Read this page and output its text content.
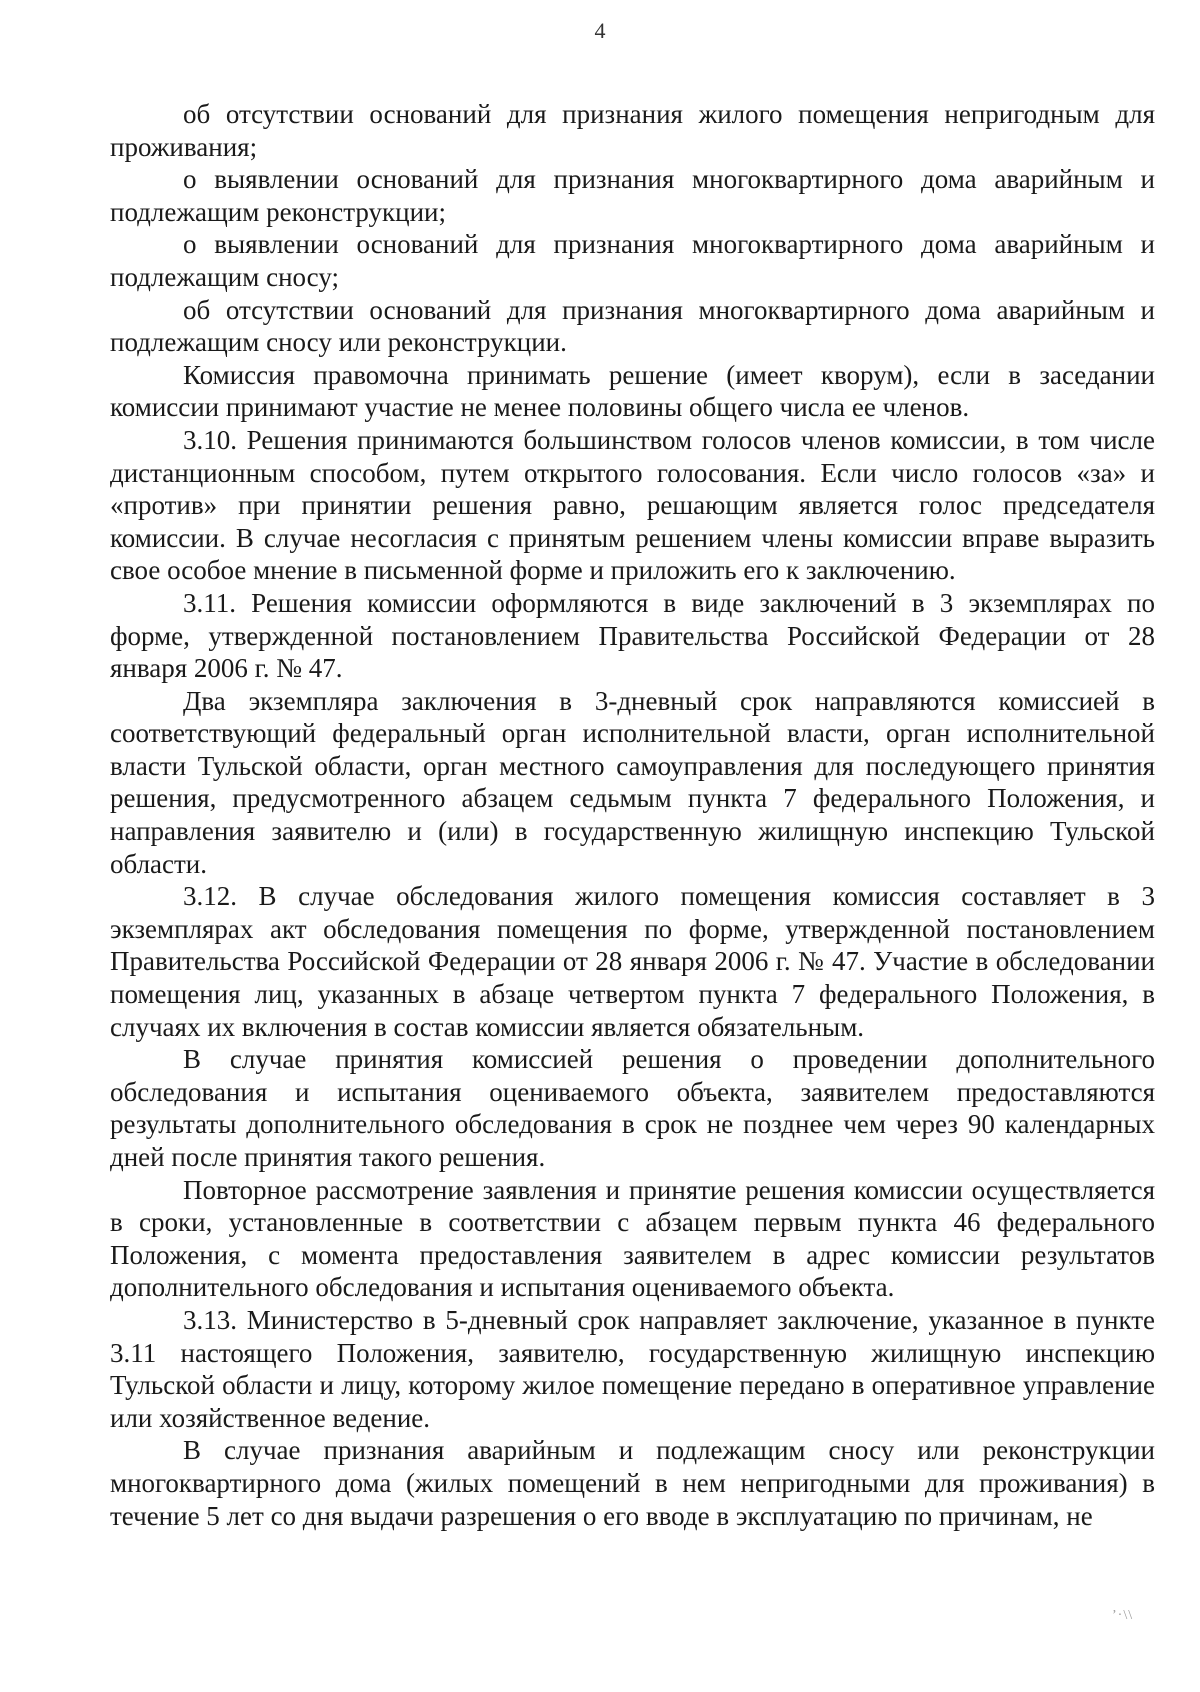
4

об отсутствии оснований для признания жилого помещения непригодным для проживания;

о выявлении оснований для признания многоквартирного дома аварийным и подлежащим реконструкции;

о выявлении оснований для признания многоквартирного дома аварийным и подлежащим сносу;

об отсутствии оснований для признания многоквартирного дома аварийным и подлежащим сносу или реконструкции.

Комиссия правомочна принимать решение (имеет кворум), если в заседании комиссии принимают участие не менее половины общего числа ее членов.

3.10. Решения принимаются большинством голосов членов комиссии, в том числе дистанционным способом, путем открытого голосования. Если число голосов «за» и «против» при принятии решения равно, решающим является голос председателя комиссии. В случае несогласия с принятым решением члены комиссии вправе выразить свое особое мнение в письменной форме и приложить его к заключению.

3.11. Решения комиссии оформляются в виде заключений в 3 экземплярах по форме, утвержденной постановлением Правительства Российской Федерации от 28 января 2006 г. № 47.

Два экземпляра заключения в 3-дневный срок направляются комиссией в соответствующий федеральный орган исполнительной власти, орган исполнительной власти Тульской области, орган местного самоуправления для последующего принятия решения, предусмотренного абзацем седьмым пункта 7 федерального Положения, и направления заявителю и (или) в государственную жилищную инспекцию Тульской области.

3.12. В случае обследования жилого помещения комиссия составляет в 3 экземплярах акт обследования помещения по форме, утвержденной постановлением Правительства Российской Федерации от 28 января 2006 г. № 47. Участие в обследовании помещения лиц, указанных в абзаце четвертом пункта 7 федерального Положения, в случаях их включения в состав комиссии является обязательным.

В случае принятия комиссией решения о проведении дополнительного обследования и испытания оцениваемого объекта, заявителем предоставляются результаты дополнительного обследования в срок не позднее чем через 90 календарных дней после принятия такого решения.

Повторное рассмотрение заявления и принятие решения комиссии осуществляется в сроки, установленные в соответствии с абзацем первым пункта 46 федерального Положения, с момента предоставления заявителем в адрес комиссии результатов дополнительного обследования и испытания оцениваемого объекта.

3.13. Министерство в 5-дневный срок направляет заключение, указанное в пункте 3.11 настоящего Положения, заявителю, государственную жилищную инспекцию Тульской области и лицу, которому жилое помещение передано в оперативное управление или хозяйственное ведение.

В случае признания аварийным и подлежащим сносу или реконструкции многоквартирного дома (жилых помещений в нем непригодными для проживания) в течение 5 лет со дня выдачи разрешения о его вводе в эксплуатацию по причинам, не

’·\\
